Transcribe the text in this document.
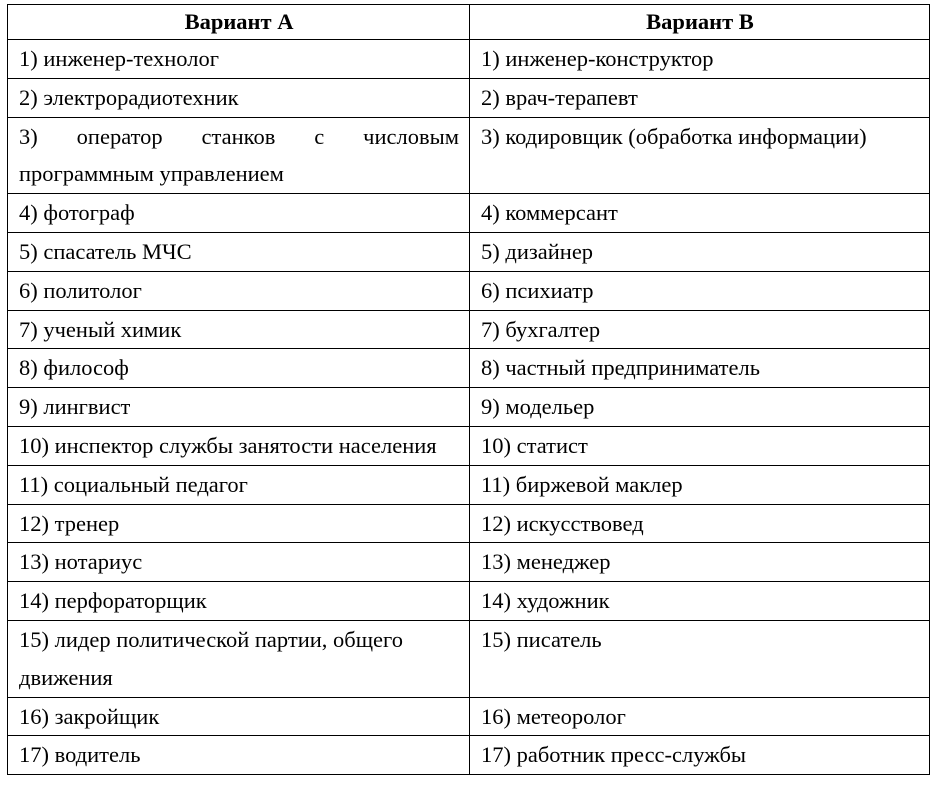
Вариант А	Вариант В
1) инженер-технолог	1) инженер-конструктор
2) электрорадиотехник	2) врач-терапевт
3) оператор станков с числовым программным управлением	3) кодировщик (обработка информации)
4) фотограф	4) коммерсант
5) спасатель МЧС	5) дизайнер
6) политолог	6) психиатр
7) ученый химик	7) бухгалтер
8) философ	8) частный предприниматель
9) лингвист	9) модельер
10) инспектор службы занятости населения	10) статист
11) социальный педагог	11) биржевой маклер
12) тренер	12) искусствовед
13) нотариус	13) менеджер
14) перфораторщик	14) художник
15) лидер политической партии, общего движения	15) писатель
16) закройщик	16) метеоролог
17) водитель	17) работник пресс-службы
